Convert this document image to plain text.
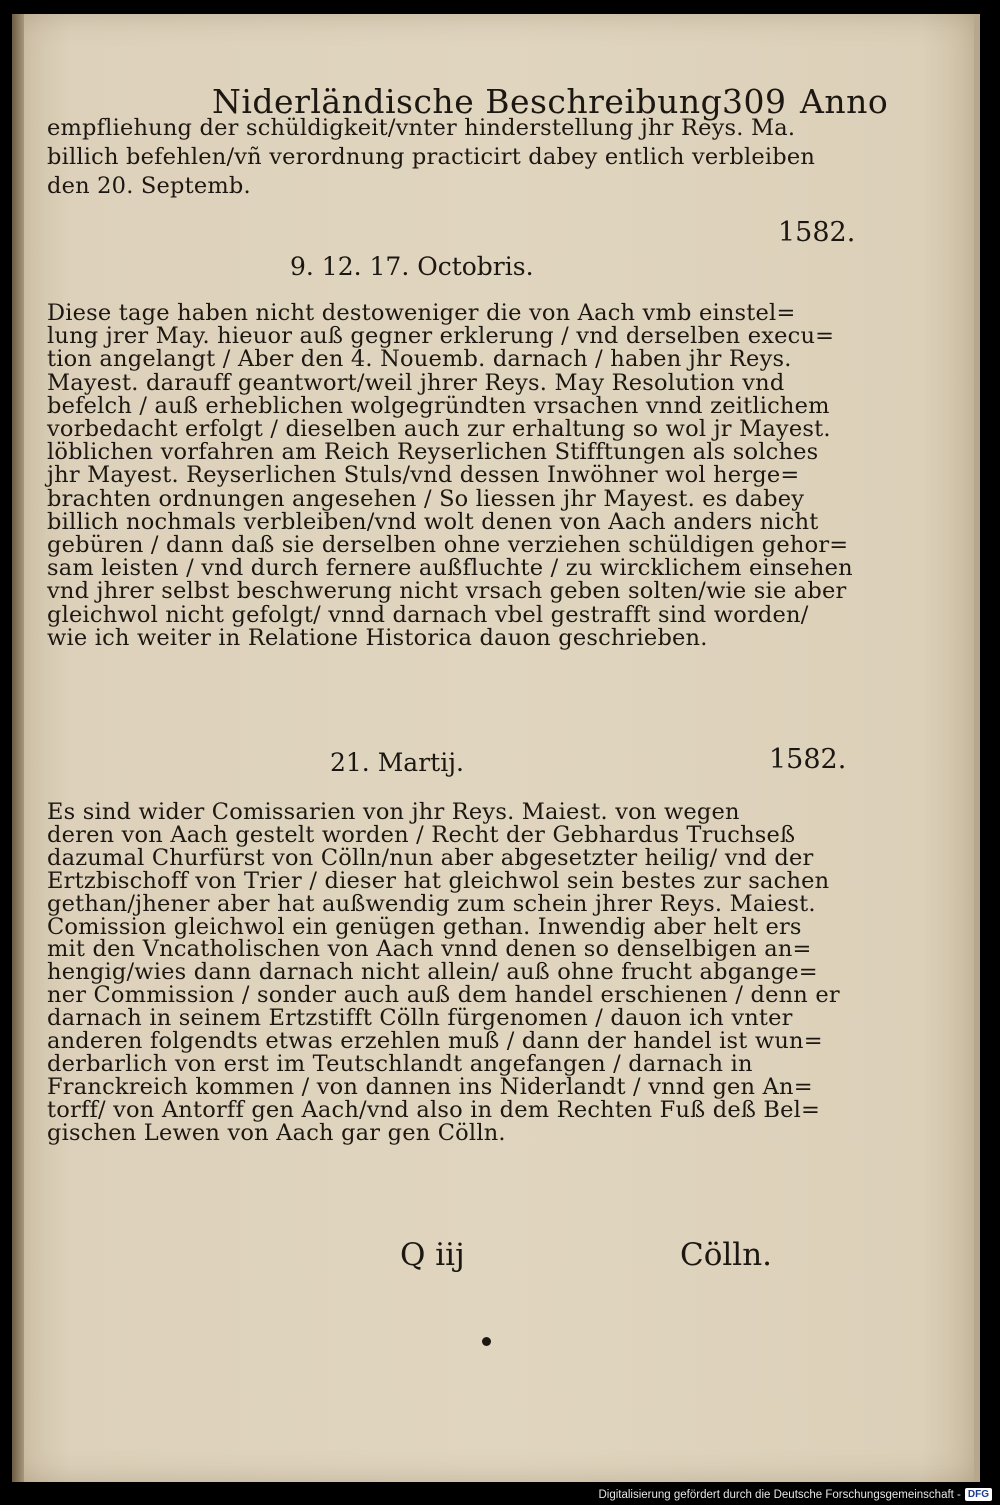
Niderländische Beschreibung 309 Anno
empfliehung der schüldigkeit/vnter hinderstellung jhr Reys. Ma.
billich befehlen/vñ verordnung practicirt dabey entlich verbleiben
den 20. Septemb.
1582.
9. 12. 17. Octobris.
Diese tage haben nicht destoweniger die von Aach vmb einstel=
lung jrer May. hieuor auß gegner erklerung / vnd derselben execu=
tion angelangt / Aber den 4. Nouemb. darnach / haben jhr Reys.
Mayest. darauff geantwort/weil jhrer Reys. May Resolution vnd
befelch / auß erheblichen wolgegründten vrsachen vnnd zeitlichem
vorbedacht erfolgt / dieselben auch zur erhaltung so wol jr Mayest.
löblichen vorfahren am Reich Reyserlichen Stifftungen als solches
jhr Mayest. Reyserlichen Stuls/vnd dessen Inwöhner wol herge=
brachten ordnungen angesehen / So liessen jhr Mayest. es dabey
billich nochmals verbleiben/vnd wolt denen von Aach anders nicht
gebüren / dann daß sie derselben ohne verziehen schüldigen gehor=
sam leisten / vnd durch fernere außfluchte / zu wircklichem einsehen
vnd jhrer selbst beschwerung nicht vrsach geben solten/wie sie aber
gleichwol nicht gefolgt/ vnnd darnach vbel gestrafft sind worden/
wie ich weiter in Relatione Historica dauon geschrieben.
21. Martij.	1582.
Es sind wider Comissarien von jhr Reys. Maiest. von wegen
deren von Aach gestelt worden / Recht der Gebhardus Truchseß
dazumal Churfürst von Cölln/nun aber abgesetzter heilig/ vnd der
Ertzbischoff von Trier / dieser hat gleichwol sein bestes zur sachen
gethan/jhener aber hat außwendig zum schein jhrer Reys. Maiest.
Comission gleichwol ein genügen gethan. Inwendig aber helt ers
mit den Vncatholischen von Aach vnnd denen so denselbigen an=
hengig/wies dann darnach nicht allein/ auß ohne frucht abgange=
ner Commission / sonder auch auß dem handel erschienen / denn er
darnach in seinem Ertzstifft Cölln fürgenomen / dauon ich vnter
anderen folgendts etwas erzehlen muß / dann der handel ist wun=
derbarlich von erst im Teutschlandt angefangen / darnach in
Franckreich kommen / von dannen ins Niderlandt / vnnd gen An=
torff/ von Antorff gen Aach/vnd also in dem Rechten Fuß deß Bel=
gischen Lewen von Aach gar gen Cölln.
Q iij	Cölln.
Digitalisierung gefördert durch die Deutsche Forschungsgemeinschaft - DFG
